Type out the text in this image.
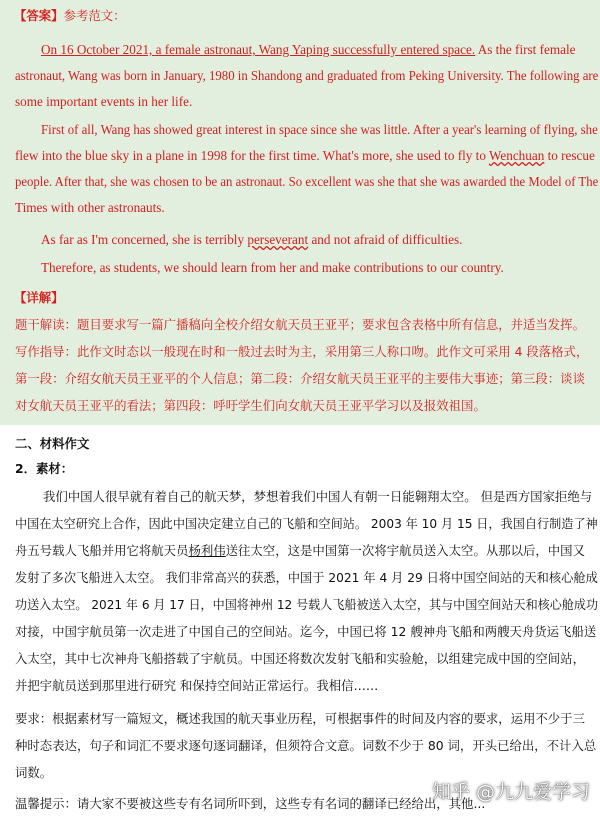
【答案】参考范文：
On 16 October 2021, a female astronaut, Wang Yaping successfully entered space. As the first female
astronaut, Wang was born in January, 1980 in Shandong and graduated from Peking University. The following are
some important events in her life.
First of all, Wang has showed great interest in space since she was little. After a year's learning of flying, she
flew into the blue sky in a plane in 1998 for the first time. What's more, she used to fly to Wenchuan to rescue
people. After that, she was chosen to be an astronaut. So excellent was she that she was awarded the Model of The
Times with other astronauts.
As far as I'm concerned, she is terribly perseverant and not afraid of difficulties.
Therefore, as students, we should learn from her and make contributions to our country.
【详解】
题干解读：题目要求写一篇广播稿向全校介绍女航天员王亚平；要求包含表格中所有信息，并适当发挥。
写作指导：此作文时态以一般现在时和一般过去时为主，采用第三人称口吻。此作文可采用 4 段落格式，
第一段：介绍女航天员王亚平的个人信息；第二段：介绍女航天员王亚平的主要伟大事迹；第三段：谈谈
对女航天员王亚平的看法；第四段：呼吁学生们向女航天员王亚平学习以及报效祖国。
二、材料作文
2．素材：
我们中国人很早就有着自己的航天梦，梦想着我们中国人有朝一日能翱翔太空。 但是西方国家拒绝与
中国在太空研究上合作，因此中国决定建立自己的飞船和空间站。 2003 年 10 月 15 日，我国自行制造了神
舟五号载人飞船并用它将航天员杨利伟送往太空，这是中国第一次将宇航员送入太空。从那以后，中国又
发射了多次飞船进入太空。 我们非常高兴的获悉，中国于 2021 年 4 月 29 日将中国空间站的天和核心舱成
功送入太空。 2021 年 6 月 17 日，中国将神州 12 号载人飞船被送入太空，其与中国空间站天和核心舱成功
对接，中国宇航员第一次走进了中国自己的空间站。迄今，中国已将 12 艘神舟飞船和两艘天舟货运飞船送
入太空，其中七次神舟飞船搭载了宇航员。中国还将数次发射飞船和实验舱，以组建完成中国的空间站，
并把宇航员送到那里进行研究 和保持空间站正常运行。我相信……
要求：根据素材写一篇短文，概述我国的航天事业历程，可根据事件的时间及内容的要求，运用不少于三
种时态表达，句子和词汇不要求逐句逐词翻译，但须符合文意。词数不少于 80 词，开头已给出，不计入总
词数。
温馨提示：请大家不要被这些专有名词所吓到，这些专有名词的翻译已经给出，其他...
知乎 @九九爱学习
